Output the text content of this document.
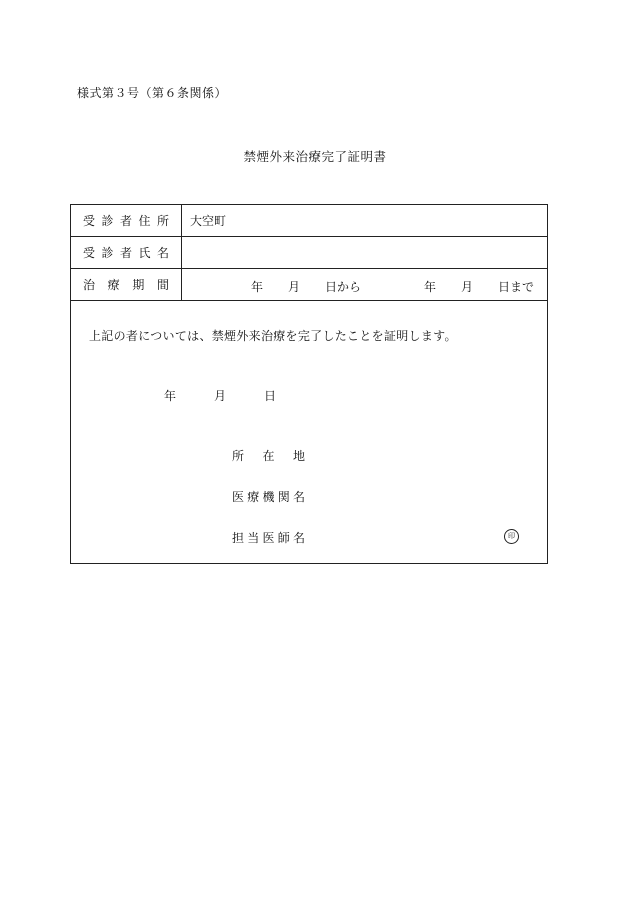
様式第３号（第６条関係）
禁煙外来治療完了証明書
受 診 者 住 所	大空町
受 診 者 氏 名
治 療 期 間	年 月 日から	年 月 日まで
上記の者については、禁煙外来治療を完了したことを証明します。
年	月	日
所 在 地
医 療 機 関 名
担 当 医 師 名	印
